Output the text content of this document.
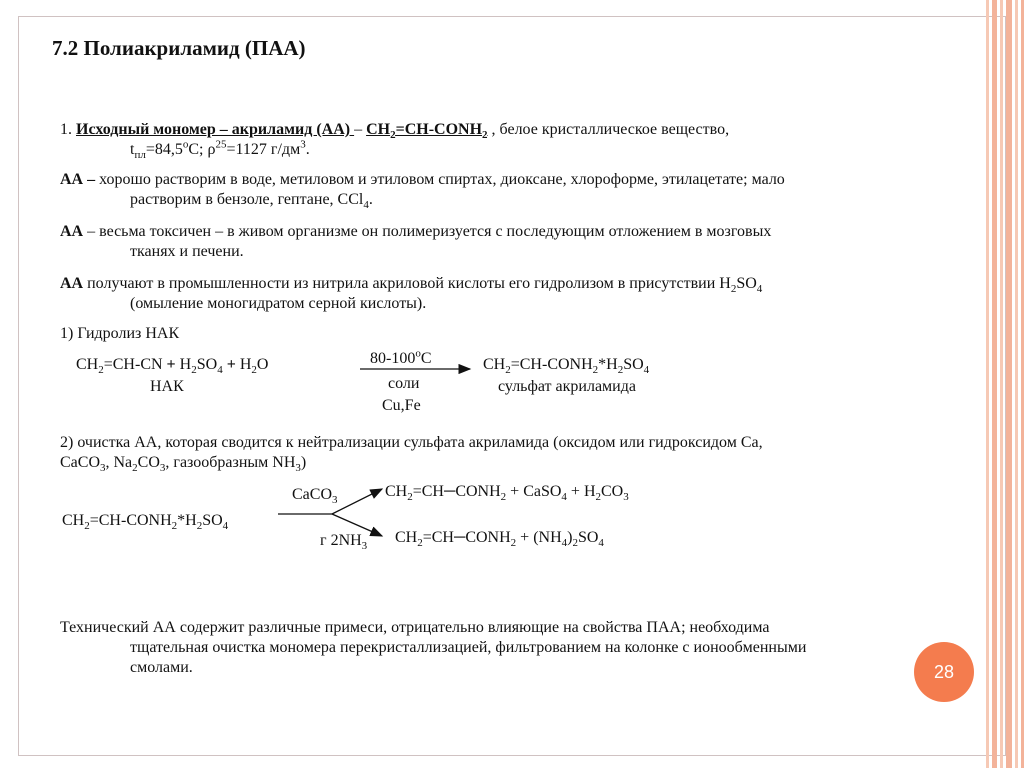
7.2 Полиакриламид (ПАА)
1. Исходный мономер – акриламид $(АА) - CH_2=CH-CONH_2$ , белое кристаллическое вещество,
$t_{пл}=84,5^оС$; $\rho^{25}=1127$ $г/дм^3$.
АА – хорошо растворим в воде, метиловом и этиловом спиртах, диоксане, хлороформе, этилацетате; мало
растворим в бензоле, гептане, CCl$_4$.
АА – весьма токсичен – в живом организме он полимеризуется с последующим отложением в мозговых
тканях и печени.
АА получают в промышленности из нитрила акриловой кислоты его гидролизом в присутствии $H_2SO_4$
(омыление моногидратом серной кислоты).
1) Гидролиз НАК
$CH_2=CH-CN + H_2SO_4 + H_2O$
НАК
$80-100^оС$
соли
Cu,Fe
$CH_2=CH-CONH_2*H_2SO_4$
сульфат акриламида
2) очистка АА, которая сводится к нейтрализации сульфата акриламида (оксидом или гидроксидом Са,
CaCO$_3$, $Na_2CO_3$, газообразным $NH_3$)
CaCO$_3$
$CH_2=CH─CONH_2$ + CaSO$_4$ + $H_2CO_3$
$CH_2=CH-CONH_2*H_2SO_4$
г $2NH_3$
$CH_2=CH─CONH_2 + (NH_4)_2SO_4$
Технический АА содержит различные примеси, отрицательно влияющие на свойства ПАА; необходима
тщательная очистка мономера перекристаллизацией, фильтрованием на колонке с ионообменными
смолами.	28
